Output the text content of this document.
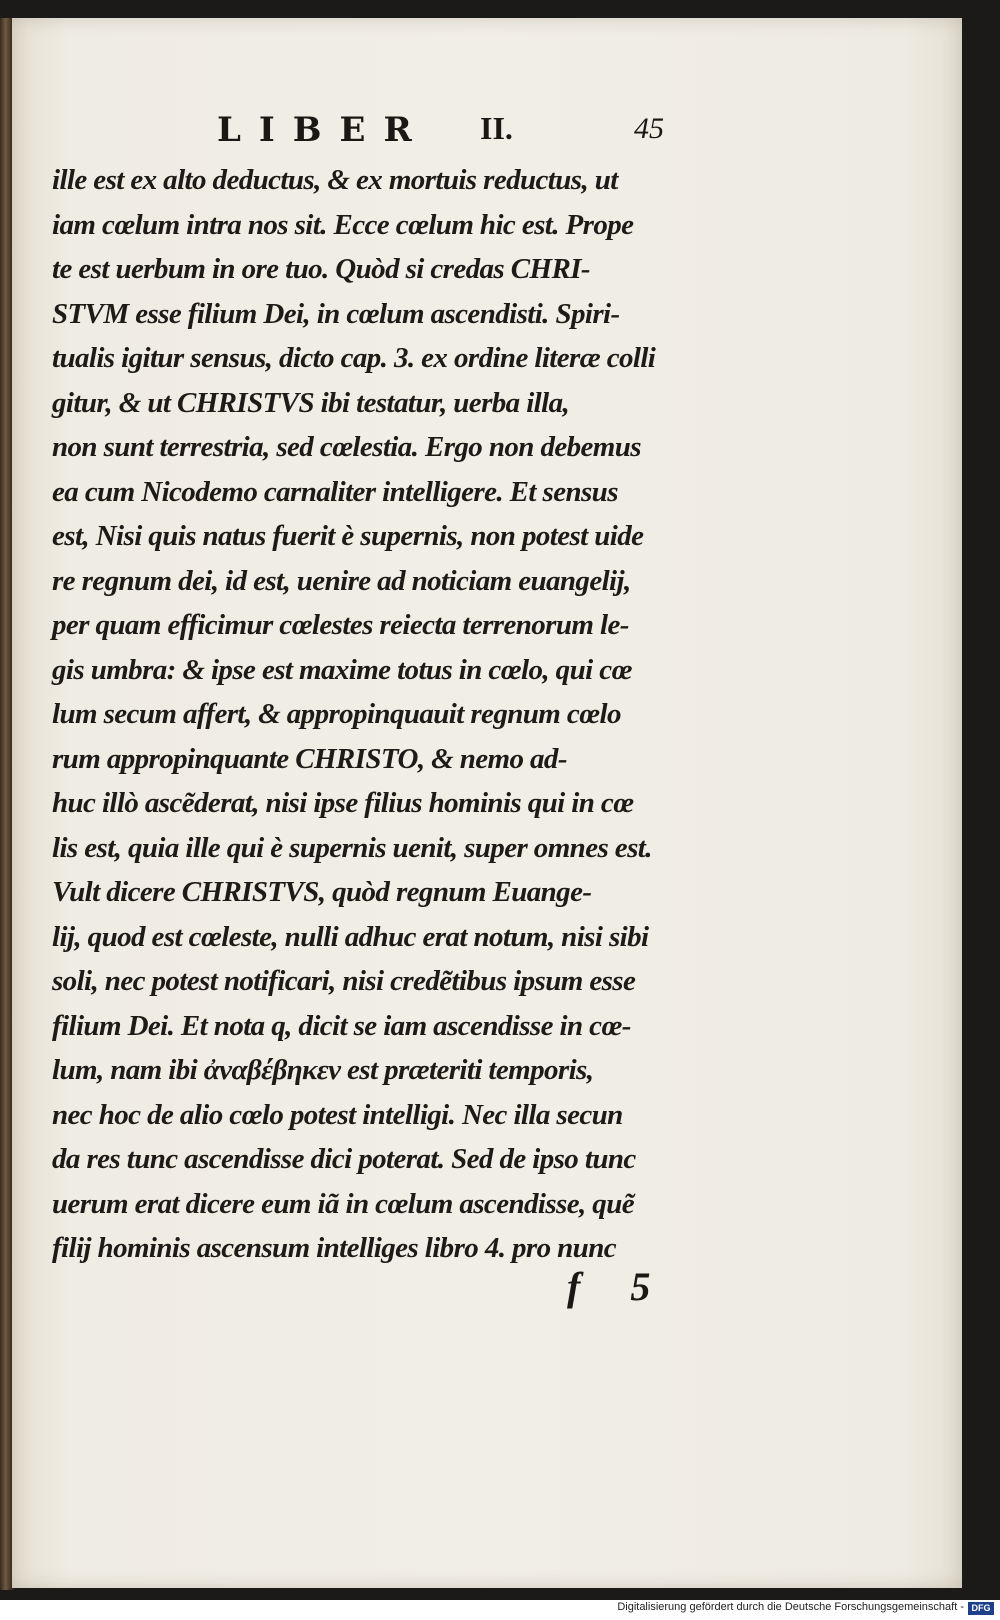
LIBER II.	45
ille est ex alto deductus, & ex mortuis reductus, ut
iam cœlum intra nos sit. Ecce cœlum hic est. Prope
te est uerbum in ore tuo. Quòd si credas CHRI-
STVM esse filium Dei, in cœlum ascendisti. Spiri-
tualis igitur sensus, dicto cap. 3. ex ordine literæ colli
gitur, & ut CHRISTVS ibi testatur, uerba illa,
non sunt terrestria, sed cœlestia. Ergo non debemus
ea cum Nicodemo carnaliter intelligere. Et sensus
est, Nisi quis natus fuerit è supernis, non potest uide
re regnum dei, id est, uenire ad noticiam euangelij,
per quam efficimur cœlestes reiecta terrenorum le-
gis umbra: & ipse est maxime totus in cœlo, qui cœ
lum secum affert, & appropinquauit regnum cœlo
rum appropinquante CHRISTO, & nemo ad-
huc illò ascẽderat, nisi ipse filius hominis qui in cœ
lis est, quia ille qui è supernis uenit, super omnes est.
Vult dicere CHRISTVS, quòd regnum Euange-
lij, quod est cœleste, nulli adhuc erat notum, nisi sibi
soli, nec potest notificari, nisi credẽtibus ipsum esse
filium Dei. Et nota q, dicit se iam ascendisse in cœ-
lum, nam ibi ἀναβέβηκεν est præteriti temporis,
nec hoc de alio cœlo potest intelligi. Nec illa secun
da res tunc ascendisse dici poterat. Sed de ipso tunc
uerum erat dicere eum iã in cœlum ascendisse, quẽ
filij hominis ascensum intelliges libro 4. pro nunc
f 5
Digitalisierung gefördert durch die Deutsche Forschungsgemeinschaft - DFG
